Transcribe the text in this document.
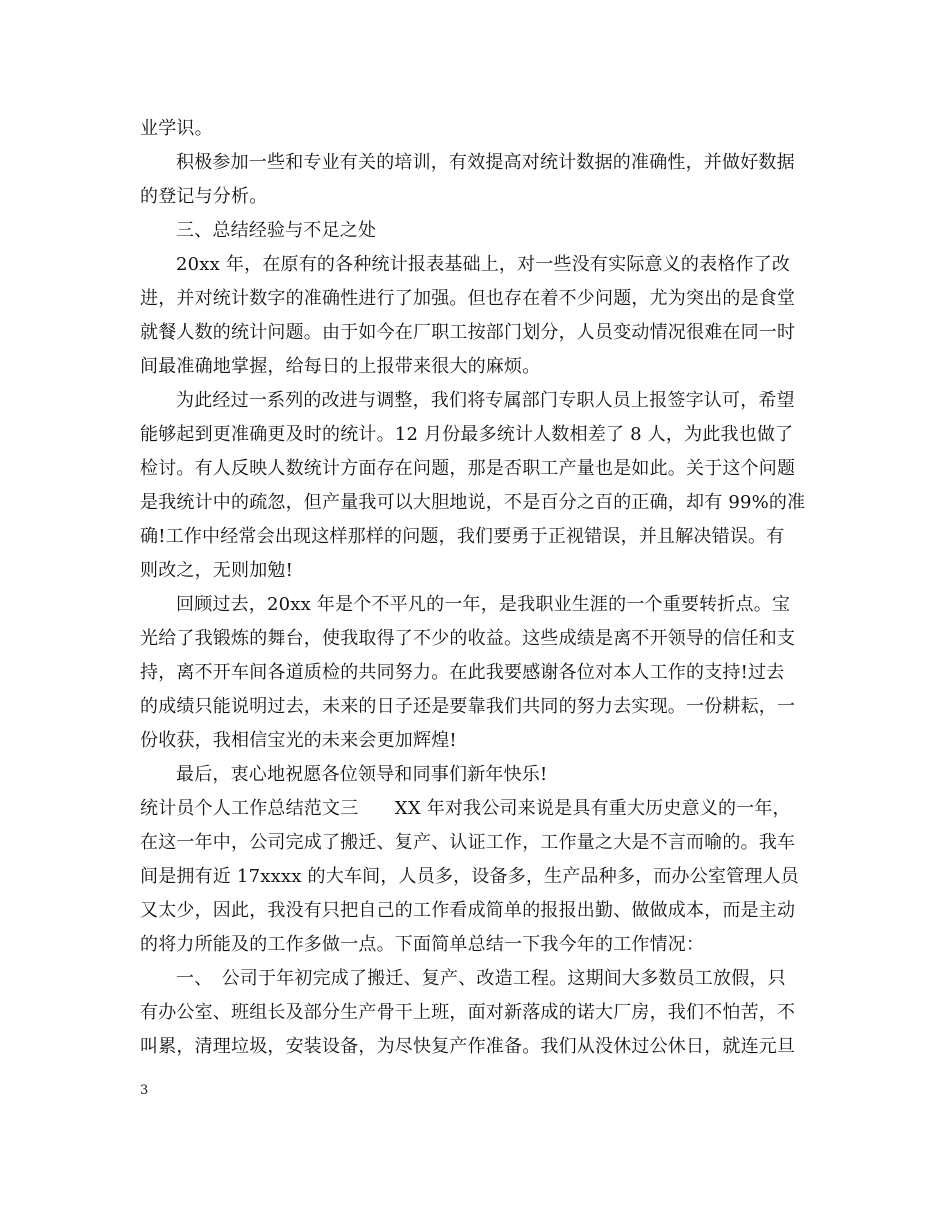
业学识。
积极参加一些和专业有关的培训，有效提高对统计数据的准确性，并做好数据
的登记与分析。
三、总结经验与不足之处
20xx 年，在原有的各种统计报表基础上，对一些没有实际意义的表格作了改
进，并对统计数字的准确性进行了加强。但也存在着不少问题，尤为突出的是食堂
就餐人数的统计问题。由于如今在厂职工按部门划分，人员变动情况很难在同一时
间最准确地掌握，给每日的上报带来很大的麻烦。
为此经过一系列的改进与调整，我们将专属部门专职人员上报签字认可，希望
能够起到更准确更及时的统计。12 月份最多统计人数相差了 8 人，为此我也做了
检讨。有人反映人数统计方面存在问题，那是否职工产量也是如此。关于这个问题
是我统计中的疏忽，但产量我可以大胆地说，不是百分之百的正确，却有 99%的准
确!工作中经常会出现这样那样的问题，我们要勇于正视错误，并且解决错误。有
则改之，无则加勉!
回顾过去，20xx 年是个不平凡的一年，是我职业生涯的一个重要转折点。宝
光给了我锻炼的舞台，使我取得了不少的收益。这些成绩是离不开领导的信任和支
持，离不开车间各道质检的共同努力。在此我要感谢各位对本人工作的支持!过去
的成绩只能说明过去，未来的日子还是要靠我们共同的努力去实现。一份耕耘，一
份收获，我相信宝光的未来会更加辉煌!
最后，衷心地祝愿各位领导和同事们新年快乐!
统计员个人工作总结范文三　　XX 年对我公司来说是具有重大历史意义的一年，
在这一年中，公司完成了搬迁、复产、认证工作，工作量之大是不言而喻的。我车
间是拥有近 17xxxx 的大车间，人员多，设备多，生产品种多，而办公室管理人员
又太少，因此，我没有只把自己的工作看成简单的报报出勤、做做成本，而是主动
的将力所能及的工作多做一点。下面简单总结一下我今年的工作情况：
一、　公司于年初完成了搬迁、复产、改造工程。这期间大多数员工放假，只
有办公室、班组长及部分生产骨干上班，面对新落成的诺大厂房，我们不怕苦，不
叫累，清理垃圾，安装设备，为尽快复产作准备。我们从没休过公休日，就连元旦
3
